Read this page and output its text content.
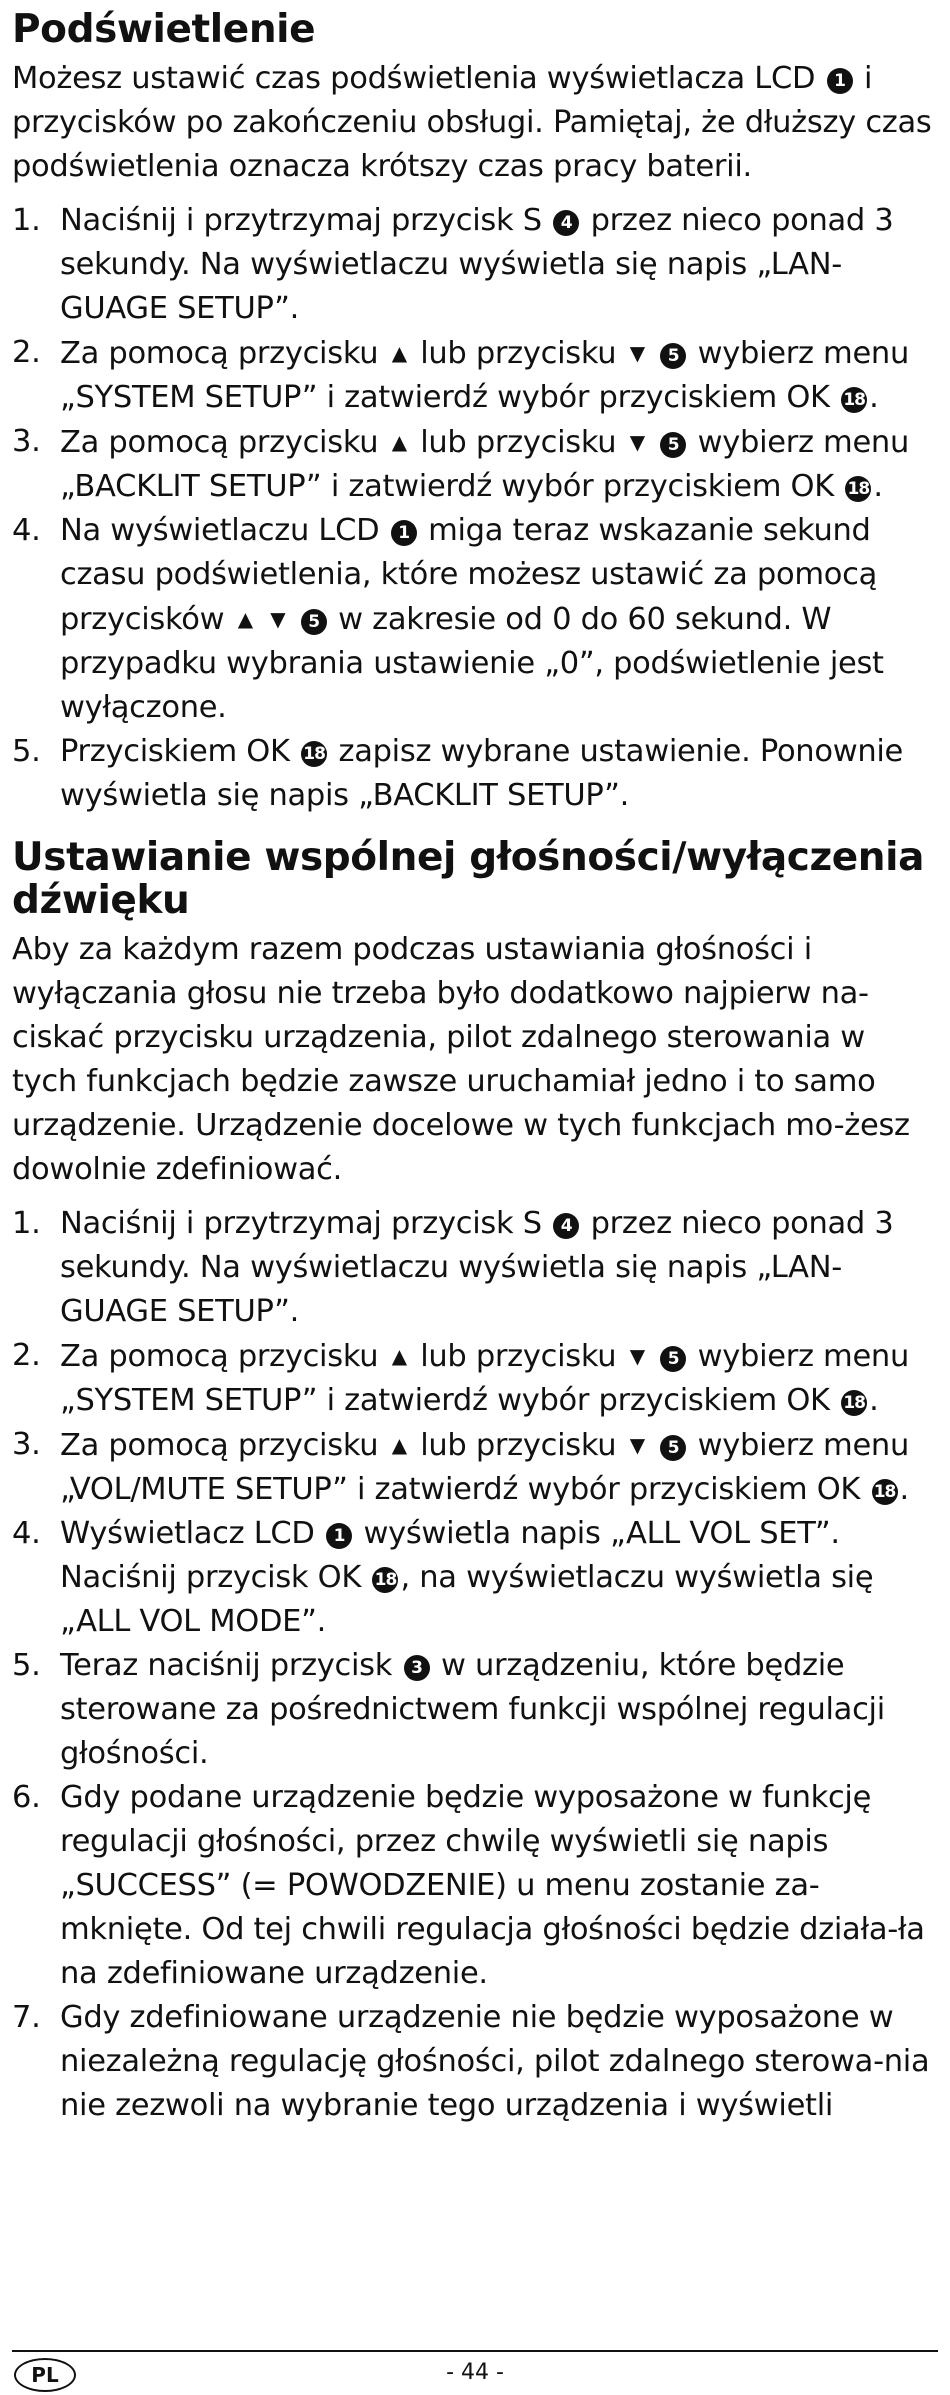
Podświetlenie

Możesz ustawić czas podświetlenia wyświetlacza LCD 1 i przycisków po zakończeniu obsługi. Pamiętaj, że dłuższy czas podświetlenia oznacza krótszy czas pracy baterii.

1. Naciśnij i przytrzymaj przycisk S 4 przez nieco ponad 3 sekundy. Na wyświetlaczu wyświetla się napis „LAN-GUAGE SETUP”.
2. Za pomocą przycisku ▲ lub przycisku ▼ 5 wybierz menu „SYSTEM SETUP” i zatwierdź wybór przyciskiem OK 18 .
3. Za pomocą przycisku ▲ lub przycisku ▼ 5 wybierz menu „BACKLIT SETUP” i zatwierdź wybór przyciskiem OK 18 .
4. Na wyświetlaczu LCD 1 miga teraz wskazanie sekund czasu podświetlenia, które możesz ustawić za pomocą przycisków ▲ ▼ 5 w zakresie od 0 do 60 sekund. W przypadku wybrania ustawienie „0”, podświetlenie jest wyłączone.
5. Przyciskiem OK 18 zapisz wybrane ustawienie. Ponownie wyświetla się napis „BACKLIT SETUP”.
Ustawianie wspólnej głośności/wyłączenia dźwięku

Aby za każdym razem podczas ustawiania głośności i wyłączania głosu nie trzeba było dodatkowo najpierw na-ciskać przycisku urządzenia, pilot zdalnego sterowania w tych funkcjach będzie zawsze uruchamiał jedno i to samo urządzenie. Urządzenie docelowe w tych funkcjach mo-żesz dowolnie zdefiniować.

1. Naciśnij i przytrzymaj przycisk S 4 przez nieco ponad 3 sekundy. Na wyświetlaczu wyświetla się napis „LAN-GUAGE SETUP”.
2. Za pomocą przycisku ▲ lub przycisku ▼ 5 wybierz menu „SYSTEM SETUP” i zatwierdź wybór przyciskiem OK 18 .
3. Za pomocą przycisku ▲ lub przycisku ▼ 5 wybierz menu „VOL/MUTE SETUP” i zatwierdź wybór przyciskiem OK 18 .
4. Wyświetlacz LCD 1 wyświetla napis „ALL VOL SET”. Naciśnij przycisk OK 18 , na wyświetlaczu wyświetla się „ALL VOL MODE”.
5. Teraz naciśnij przycisk 3 w urządzeniu, które będzie sterowane za pośrednictwem funkcji wspólnej regulacji głośności.
6. Gdy podane urządzenie będzie wyposażone w funkcję regulacji głośności, przez chwilę wyświetli się napis „SUCCESS” (= POWODZENIE) u menu zostanie za-mknięte. Od tej chwili regulacja głośności będzie działa-ła na zdefiniowane urządzenie.
7. Gdy zdefiniowane urządzenie nie będzie wyposażone w niezależną regulację głośności, pilot zdalnego sterowa-nia nie zezwoli na wybranie tego urządzenia i wyświetli
PL	- 44 -
